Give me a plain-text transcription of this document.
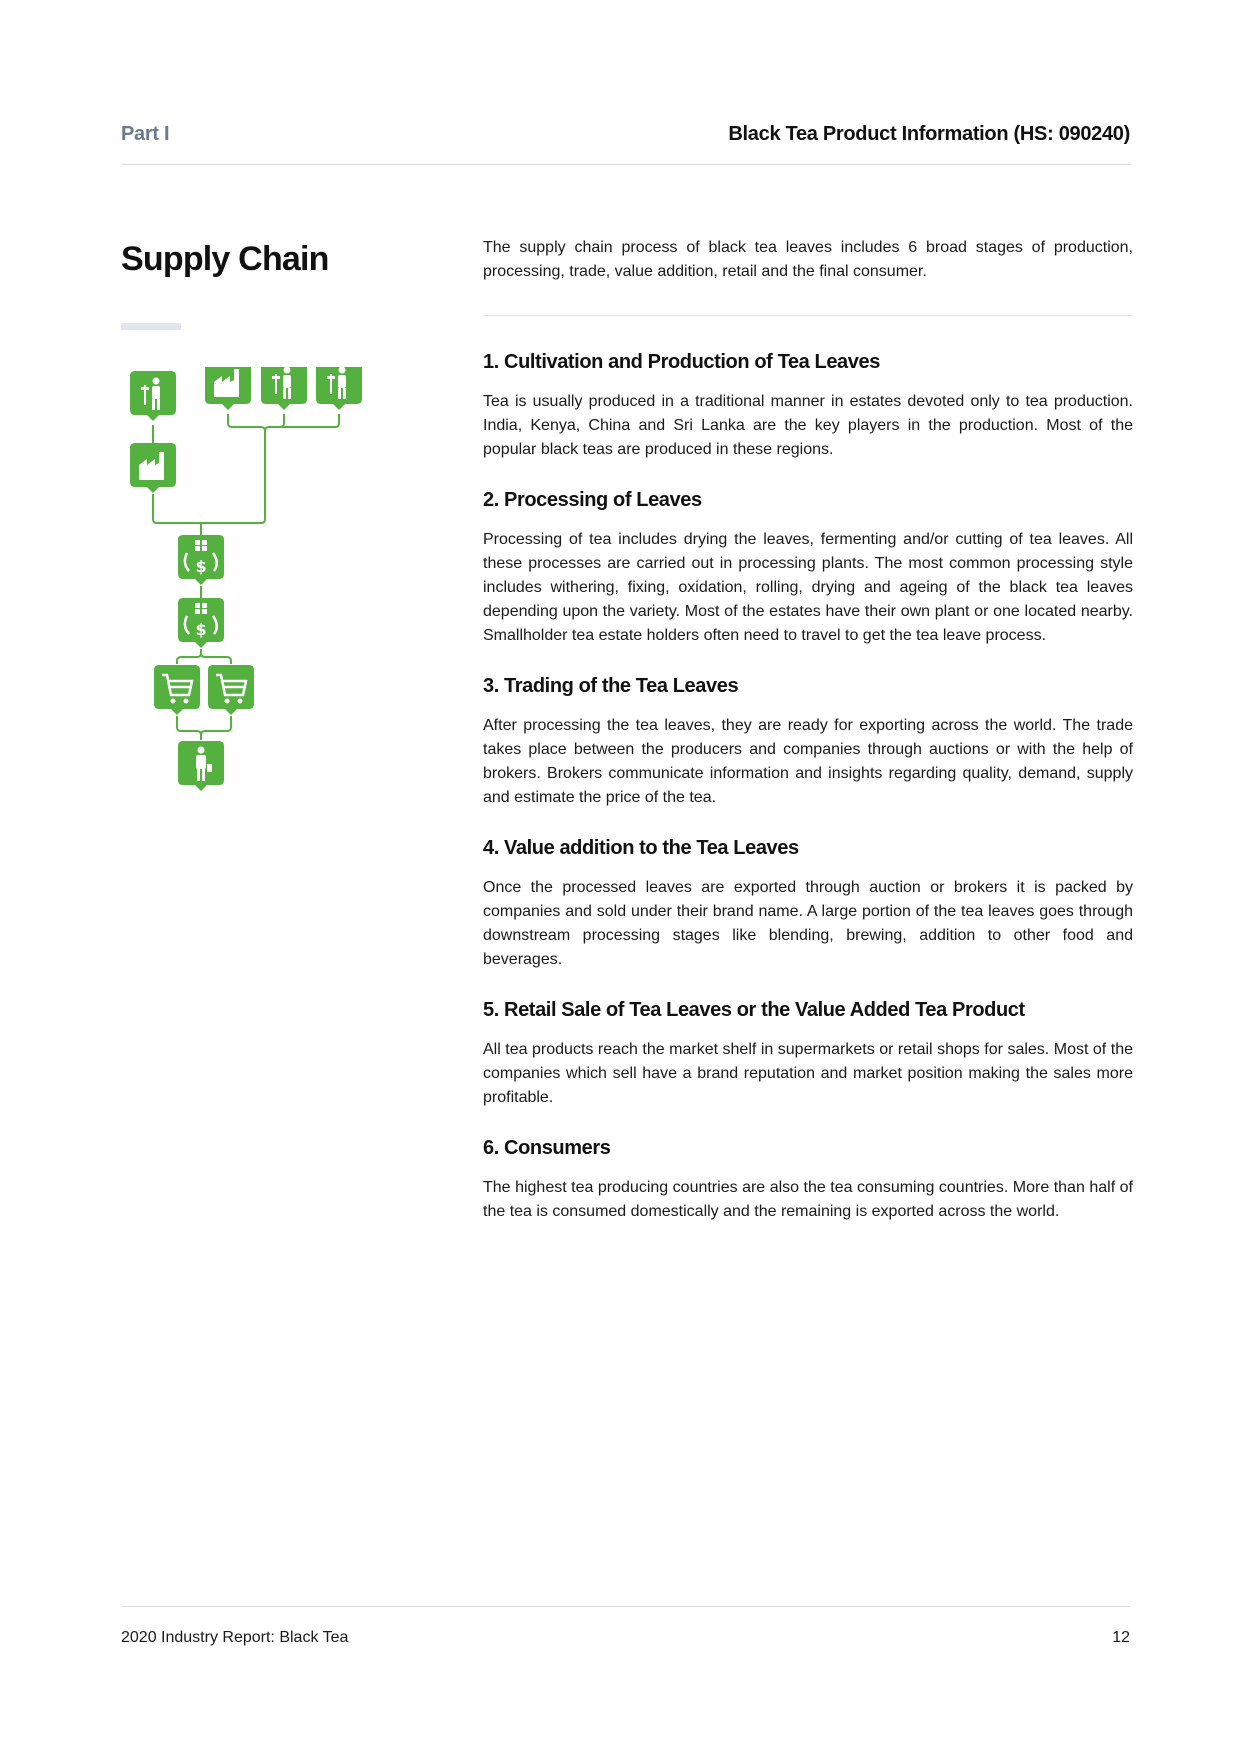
Part I	Black Tea Product Information (HS: 090240)
Supply Chain
$
$

The supply chain process of black tea leaves includes 6 broad stages of production, processing, trade, value addition, retail and the final consumer.

1. Cultivation and Production of Tea Leaves

Tea is usually produced in a traditional manner in estates devoted only to tea production. India, Kenya, China and Sri Lanka are the key players in the production. Most of the popular black teas are produced in these regions.

2. Processing of Leaves

Processing of tea includes drying the leaves, fermenting and/or cutting of tea leaves. All these processes are carried out in processing plants. The most common processing style includes withering, fixing, oxidation, rolling, drying and ageing of the black tea leaves depending upon the variety. Most of the estates have their own plant or one located nearby. Smallholder tea estate holders often need to travel to get the tea leave process.

3. Trading of the Tea Leaves

After processing the tea leaves, they are ready for exporting across the world. The trade takes place between the producers and companies through auctions or with the help of brokers. Brokers communicate information and insights regarding quality, demand, supply and estimate the price of the tea.

4. Value addition to the Tea Leaves

Once the processed leaves are exported through auction or brokers it is packed by companies and sold under their brand name. A large portion of the tea leaves goes through downstream processing stages like blending, brewing, addition to other food and beverages.

5. Retail Sale of Tea Leaves or the Value Added Tea Product

All tea products reach the market shelf in supermarkets or retail shops for sales. Most of the companies which sell have a brand reputation and market position making the sales more profitable.

6. Consumers

The highest tea producing countries are also the tea consuming countries. More than half of the tea is consumed domestically and the remaining is exported across the world.

2020 Industry Report: Black Tea	12
